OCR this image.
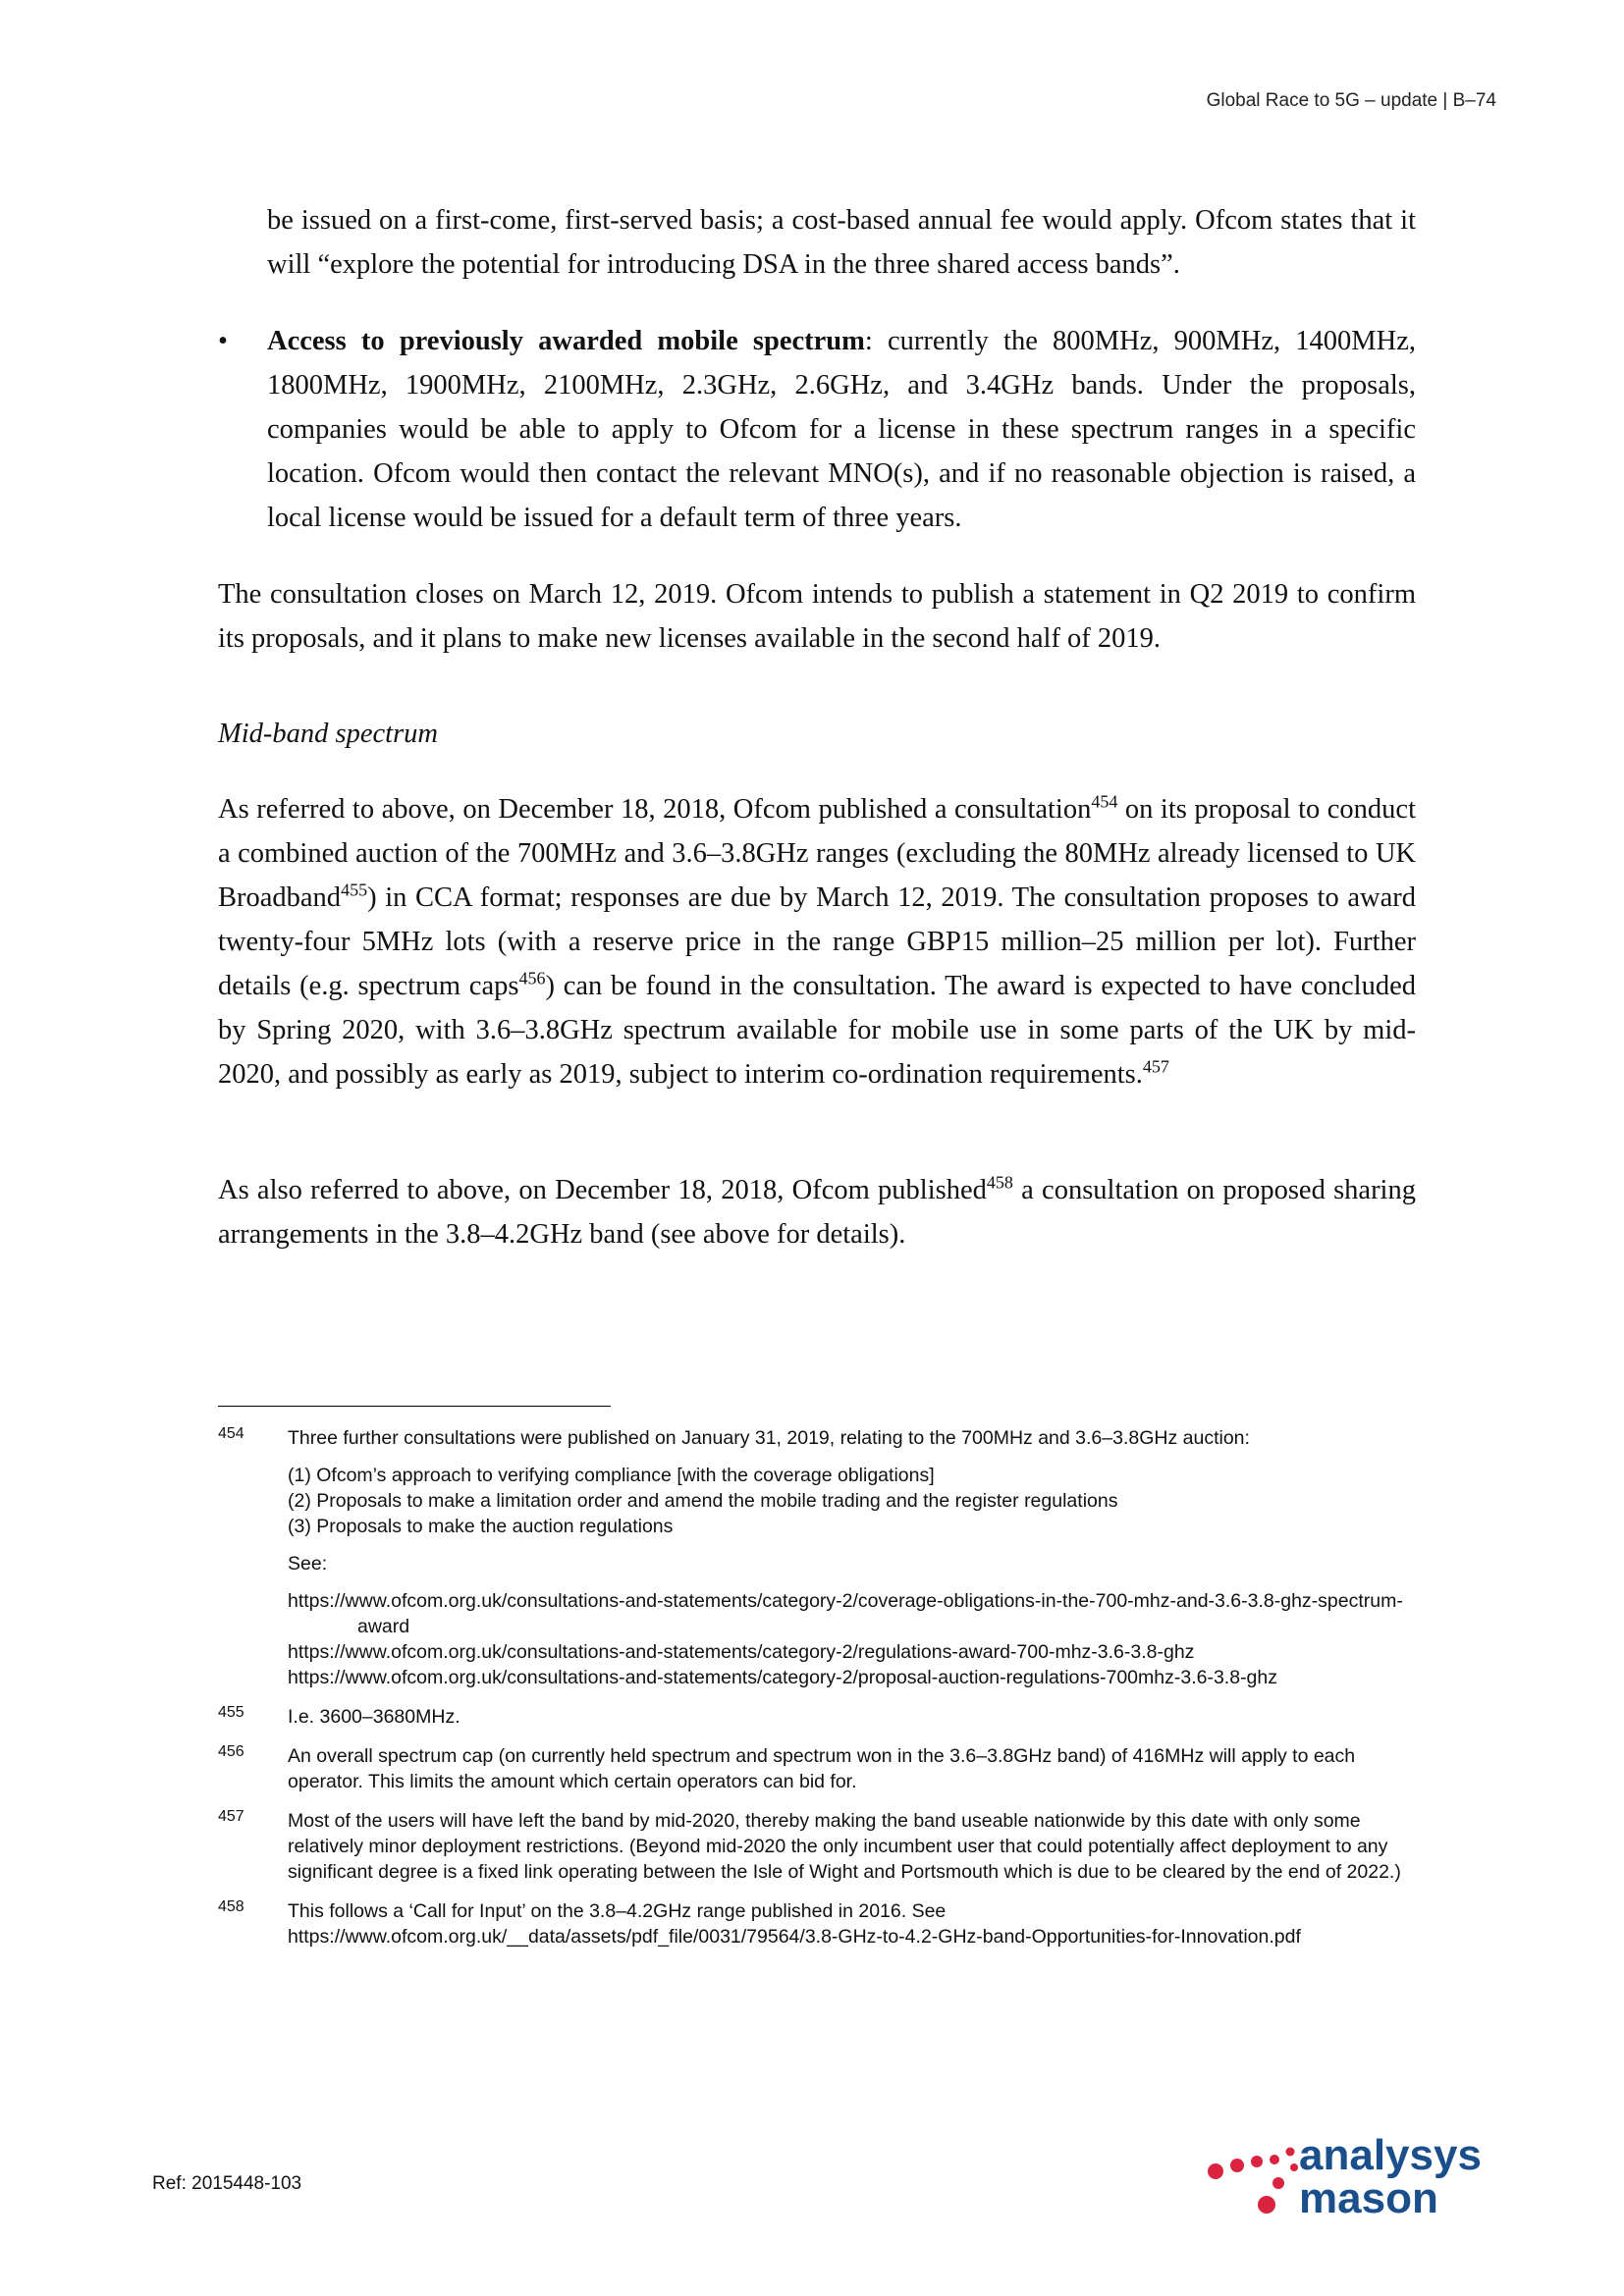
Global Race to 5G – update | B–74
be issued on a first-come, first-served basis; a cost-based annual fee would apply. Ofcom states that it will “explore the potential for introducing DSA in the three shared access bands”.
•	Access to previously awarded mobile spectrum: currently the 800MHz, 900MHz, 1400MHz, 1800MHz, 1900MHz, 2100MHz, 2.3GHz, 2.6GHz, and 3.4GHz bands. Under the proposals, companies would be able to apply to Ofcom for a license in these spectrum ranges in a specific location. Ofcom would then contact the relevant MNO(s), and if no reasonable objection is raised, a local license would be issued for a default term of three years.
The consultation closes on March 12, 2019. Ofcom intends to publish a statement in Q2 2019 to confirm its proposals, and it plans to make new licenses available in the second half of 2019.
Mid-band spectrum
As referred to above, on December 18, 2018, Ofcom published a consultation$^{454}$ on its proposal to conduct a combined auction of the 700MHz and 3.6–3.8GHz ranges (excluding the 80MHz already licensed to UK Broadband$^{455}$) in CCA format; responses are due by March 12, 2019. The consultation proposes to award twenty-four 5MHz lots (with a reserve price in the range GBP15 million–25 million per lot). Further details (e.g. spectrum caps$^{456}$) can be found in the consultation. The award is expected to have concluded by Spring 2020, with 3.6–3.8GHz spectrum available for mobile use in some parts of the UK by mid-2020, and possibly as early as 2019, subject to interim co-ordination requirements.$^{457}$
As also referred to above, on December 18, 2018, Ofcom published$^{458}$ a consultation on proposed sharing arrangements in the 3.8–4.2GHz band (see above for details).
454 Three further consultations were published on January 31, 2019, relating to the 700MHz and 3.6–3.8GHz auction:

(1) Ofcom’s approach to verifying compliance [with the coverage obligations]

(2) Proposals to make a limitation order and amend the mobile trading and the register regulations

(3) Proposals to make the auction regulations

See:

https://www.ofcom.org.uk/consultations-and-statements/category-2/coverage-obligations-in-the-700-mhz-and-3.6-3.8-ghz-spectrum-award

https://www.ofcom.org.uk/consultations-and-statements/category-2/regulations-award-700-mhz-3.6-3.8-ghz

https://www.ofcom.org.uk/consultations-and-statements/category-2/proposal-auction-regulations-700mhz-3.6-3.8-ghz

455 I.e. 3600–3680MHz.

456 An overall spectrum cap (on currently held spectrum and spectrum won in the 3.6–3.8GHz band) of 416MHz will apply to each operator. This limits the amount which certain operators can bid for.

457 Most of the users will have left the band by mid-2020, thereby making the band useable nationwide by this date with only some relatively minor deployment restrictions. (Beyond mid-2020 the only incumbent user that could potentially affect deployment to any significant degree is a fixed link operating between the Isle of Wight and Portsmouth which is due to be cleared by the end of 2022.)

458 This follows a ‘Call for Input’ on the 3.8–4.2GHz range published in 2016. See

https://www.ofcom.org.uk/__data/assets/pdf_file/0031/79564/3.8-GHz-to-4.2-GHz-band-Opportunities-for-Innovation.pdf

Ref: 2015448-103
analysys
mason
